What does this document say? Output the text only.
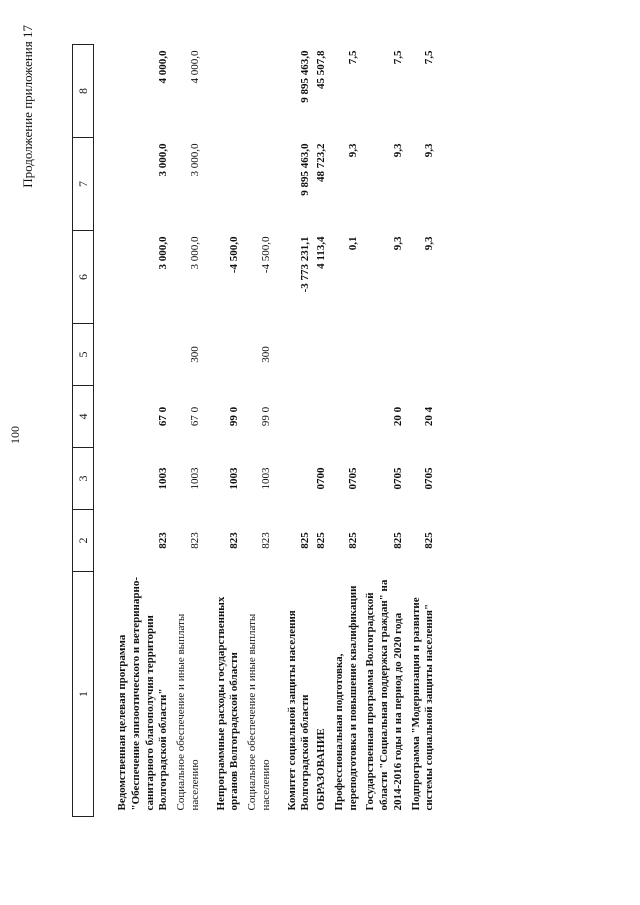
100
Продолжение приложения 17
1	2	3	4	5	6	7	8
Ведомственная целевая программа "Обеспечение эпизоотического и ветеринарно-санитарного благополучия территории Волгоградской области"	823	1003	67 0		3 000,0	3 000,0	4 000,0
Социальное обеспечение и иные выплаты населению	823	1003	67 0	300	3 000,0	3 000,0	4 000,0
Непрограммные расходы государственных органов Волгоградской области	823	1003	99 0		-4 500,0		
Социальное обеспечение и иные выплаты населению	823	1003	99 0	300	-4 500,0		
Комитет социальной защиты населения Волгоградской области	825				-3 773 231,1	9 895 463,0	9 895 463,0
ОБРАЗОВАНИЕ	825	0700			4 113,4	48 723,2	45 507,8
Профессиональная подготовка, переподготовка и повышение квалификации	825	0705			0,1	9,3	7,5
Государственная программа Волгоградской области "Социальная поддержка граждан" на 2014-2016 годы и на период до 2020 года	825	0705	20 0		9,3	9,3	7,5
Подпрограмма "Модернизация и развитие системы социальной защиты населения"	825	0705	20 4		9,3	9,3	7,5
